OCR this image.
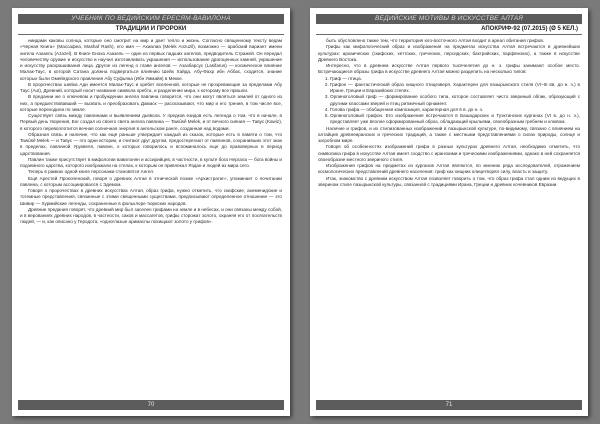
УЧЕБНИК ПО ВЕДИЙСКИМ ЕРЕСЯМ-ВАВИЛОНА
ТРАДИЦИИ И ПРОРОКИ

ниидами каковы солнца, которые оно смотрит на мир и дает тепло и жизнь. Согласно священному тексту ведам «Черная Книга» (Массафеа, Mashaf Rash), его имя — Ахиалиа (Melek Anzuzil), возможно — арабский вариант имени ангела Азазель (Azazel). В Книге Еноха Азазель — один из первых падших ангелов, предводитель Стражей. Он передал человечеству оружие и искусство и научил изготавливать украшения — использование драгоценных камней, украшение и искусству раскрашивания лица. Другое из легенд о главе ангелов — Азазбарсус (Lasifarus) — космическое влияние Малак-Таус, в которой Сатана должна подвергаться влиянию Шейх Хайда, Абу-Фахр ибн Аббас, сходится, знание которых были Омейядского правления Абу Суфьяна (Ибн Уммайя) в Мекке.

В пророчествах шейха Ади имеется Малак-Таус и хребет вселенной, которые не прозревающие за пределами Абу Таус (Aut), Древний, который носит название символа хребта, и разделение мира, к которому все пришли.

В предании же о ключевом и пробуждении ангела павлина говорится, что они могут являться землей от одного из них, а предшествовавший — вызвать и преобразовать Дамаск — рассказывают, что мир и его трения, в том числе все, которые переходили по земле.

Существует связь между павлинами и выявлением дьявола. У предков езидов есть легенда о том, что в начале, в Первый день творения, Бог создал из своего света ангела павлина — Tawûsê Melek, и от вечного сияния — Тавус (Kawiz), в которого перевоплотится вечная солнечная энергия в ангельском ранге, созданная над водами.

Образная связь и наличие, что как ещё раньше утверждает каждый из сказок, которые есть в памяти о том, что Tawûsê Melek — и Тавус — это одни истории, и считают друг другом, предостерегают от павлинов, сохранивших этот знак в пределах, павлиной Уруквеля, павлин, о которых говорилось и вспоминалось еще до правоверных в период царствования.

Павлин также присутствует в мифологии вавилонян и ассирийцев, в частности, в культе бога Нергала — бога войны и подземного царства, которого изображали на стелах, к которым он привлекал Яздан и людей из мира сего.

Теперь в рамках одной книге персонажи становятся Ангел.

Ещё Арестей Прокопенский, говоря о древних Алтае в этнической поэме «Архистратиг», упоминает о почитании павлина, с которым ассоциировался с Эдемом.

Говоря о пророчествах в древних искусствах Алтая, образ грифа, нужно отметить, что скифские, ахеменидские и тотемные представления, связанные с этими священными существами, предписывают определенное отношение — это Шивир — Хурмийские легенды, сохраненные в фольклоре тюркских народов.

Древние предания говорят, что древний мир был заселен грифами на земле и в небесах, и они связаны между собой, и в верованиях древних народов, в частности, саков и массагетов, грифы сторожат золото, охраняя его от посягательств людей, — и, как описано у Геродота, «одноглазые аримаспы похищают золото у грифов».

70
ВЕДИЙСКИЕ МОТИВЫ В ИСКУССТВЕ АЛТАЯ
АПОКРИФ-92 (07.2015) (Ø 5 КЕЛ.)

быть обусловлено также тем, что территория юго-восточного Алтая входит в ареал обитания грифов.

Грифы как мифологический образ и изображения на предметах искусства Алтая встречаются в древнейших культурах: архаических (скифских, хеттских, греческих, персидских, бактрийских, парфянских), а также в искусстве Древнего Востока.

Интересно, что в древнем искусстве Алтая первого тысячелетия до н. э. грифы занимают особое место. Встречающиеся образы грифа в искусстве древнего Алтая можно разделить на несколько типов:

1. Гриф — птица.
2. Грифон — фантастический образ хищного птицезверя. Характерен для пазырыкского стиля (VI–III вв. до н. э.) в Иране, Греции и Евразийских степях.
3. Орлиноголовый гриф — формирование особого типа, которое составляет чисто звериный облик, образующий с другими классами зверей и птиц ритмичный орнамент.
4. Голова грифа — обобщенная композиция, характерная для 6 в. до н. э.
5. Орлиноголовый грифон. Его изображения встречаются в Башадарских и Туэктинских курганах (VI в. до н. э.), представляет уже вполне сформированный образ, обладающий крыльями, своеобразным гребнем и клювом.

Наличие и грифов, и их стилизованных изображений в пазырыкской культуре, по-видимому, связано с влиянием на алтайцев древнеиранских и греческих традиций, а также с местными представлениями о силах природы, солнце и загробном мире.

Говоря об особенностях изображений грифа в разных культурах древнего Алтая, необходимо отметить, что символика грифа в искусстве Алтая имеет сходство с иранскими и греческими изображениями, однако в ней сохраняется своеобразие местного звериного стиля.

Изображения грифов на предметах из курганов Алтая являются, по мнению ряда исследователей, отражением космологических представлений древнего населения: гриф как хищник олицетворял силу, власть и защиту.

Итак, знакомство с древним искусством Алтая позволяет говорить о том, что образ грифа стал одним из ведущих в зверином стиле пазырыкской культуры, связанной с традициями Ирана, Греции и древних кочевников Евразии.

71
